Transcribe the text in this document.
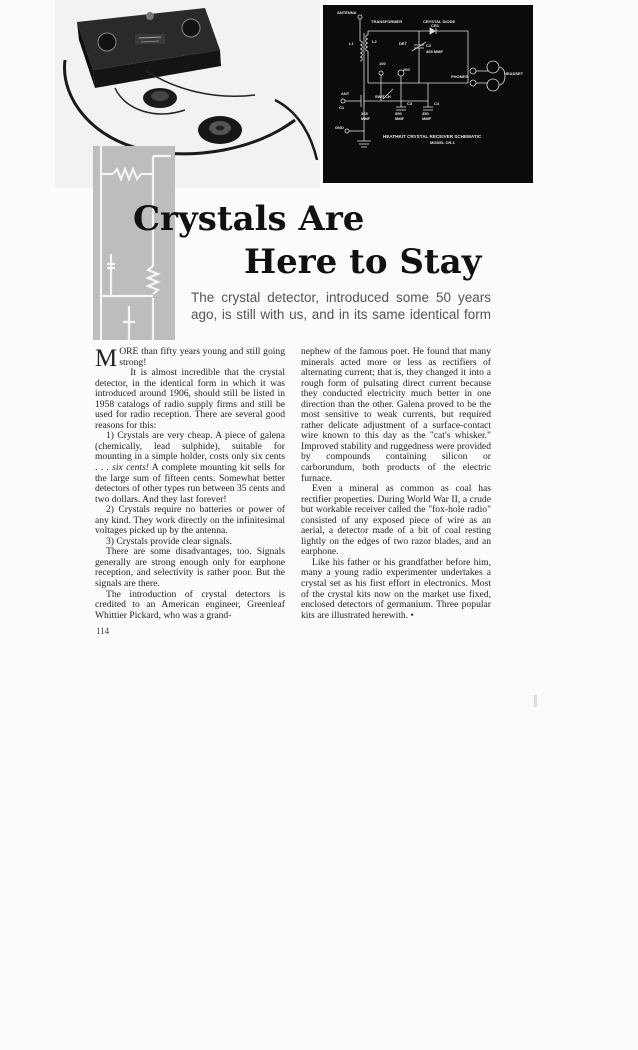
ANTENNA
TRANSFORMER	CRYSTAL DIODE
CR1
L1	L2	DET	C2
365 MMF
100
200
PHONES
HEADSET
ANT
SWITCH
C1
C3	C4
365
MMF
350
MMF
350
MMF
GND
HEATHKIT CRYSTAL RECEIVER SCHEMATIC
MODEL CR-1
Crystals Are
Here to Stay
The crystal detector, introduced some 50 years
ago, is still with us, and in its same identical form

MORE than fifty years young and still going strong!

It is almost incredible that the crystal detector, in the identical form in which it was introduced around 1906, should still be listed in 1958 catalogs of radio supply firms and still be used for radio reception. There are several good reasons for this:

1) Crystals are very cheap. A piece of galena (chemically, lead sulphide), suitable for mounting in a simple holder, costs only six cents . . . six cents! A complete mounting kit sells for the large sum of fifteen cents. Somewhat better detectors of other types run between 35 cents and two dollars. And they last forever!

2) Crystals require no batteries or power of any kind. They work directly on the infinitesimal voltages picked up by the antenna.

3) Crystals provide clear signals.

There are some disadvantages, too. Signals generally are strong enough only for earphone reception, and selectivity is rather poor. But the signals are there.

The introduction of crystal detectors is credited to an American engineer, Greenleaf Whittier Pickard, who was a grand-

nephew of the famous poet. He found that many minerals acted more or less as rectifiers of alternating current; that is, they changed it into a rough form of pulsating direct current because they conducted electricity much better in one direction than the other. Galena proved to be the most sensitive to weak currents, but required rather delicate adjustment of a surface-contact wire known to this day as the "cat's whisker." Improved stability and ruggedness were provided by compounds containing silicon or carborundum, both products of the electric furnace.

Even a mineral as common as coal has rectifier properties. During World War II, a crude but workable receiver called the "fox-hole radio" consisted of any exposed piece of wire as an aerial, a detector made of a bit of coal resting lightly on the edges of two razor blades, and an earphone.

Like his father or his grandfather before him, many a young radio experimenter undertakes a crystal set as his first effort in electronics. Most of the crystal kits now on the market use fixed, enclosed detectors of germanium. Three popular kits are illustrated herewith. •

114
